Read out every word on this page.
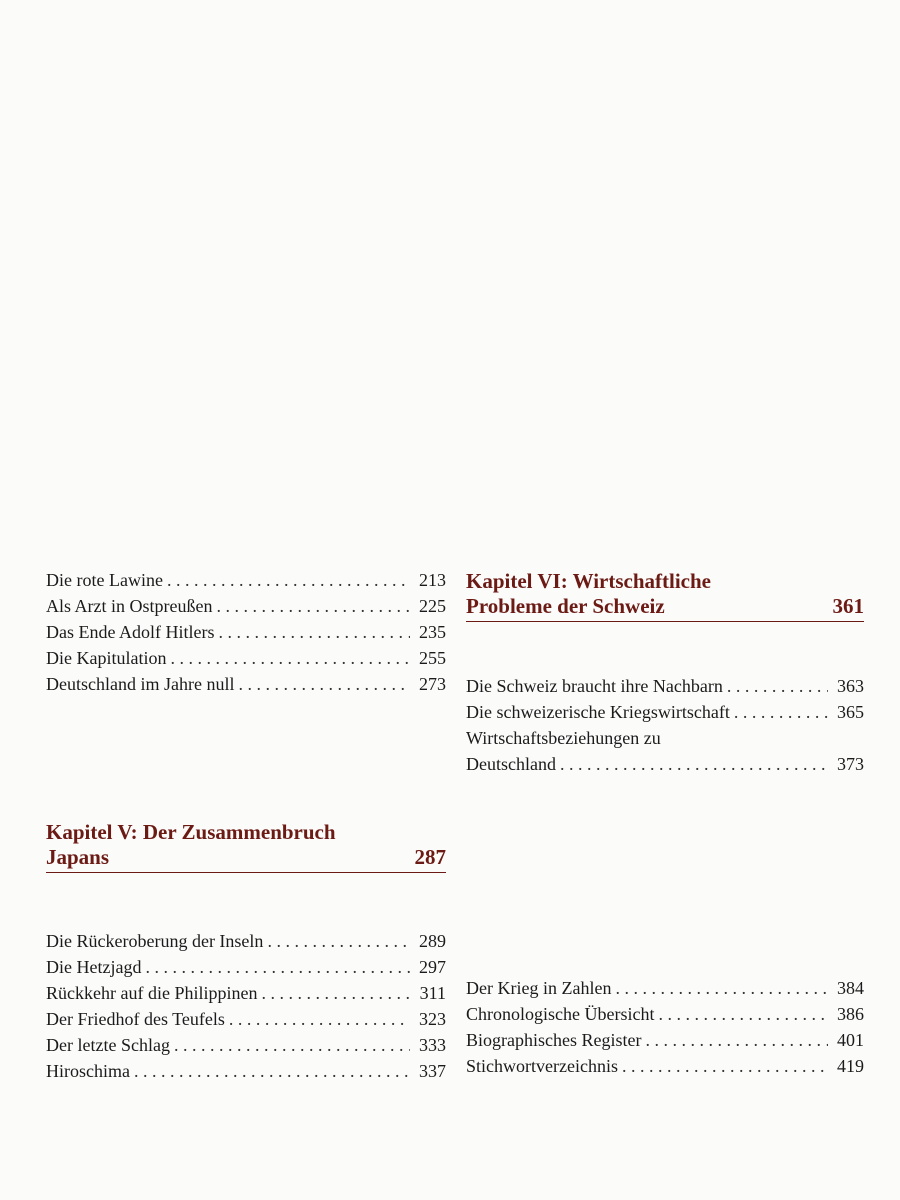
Die rote Lawine . . .	213
Als Arzt in Ostpreußen . . .	225
Das Ende Adolf Hitlers . . .	235
Die Kapitulation . . .	255
Deutschland im Jahre null . . .	273
Kapitel V: Der Zusammenbruch
Japans	287
Die Rückeroberung der Inseln . . .	289
Die Hetzjagd . . .	297
Rückkehr auf die Philippinen . . .	311
Der Friedhof des Teufels . . .	323
Der letzte Schlag . . .	333
Hiroschima . . .	337
Kapitel VI: Wirtschaftliche
Probleme der Schweiz	361
Die Schweiz braucht ihre Nachbarn . . .	363
Die schweizerische Kriegswirtschaft . . .	365
Wirtschaftsbeziehungen zu
Deutschland . . .	373
Der Krieg in Zahlen . . .	384
Chronologische Übersicht . . .	386
Biographisches Register . . .	401
Stichwortverzeichnis . . .	419
